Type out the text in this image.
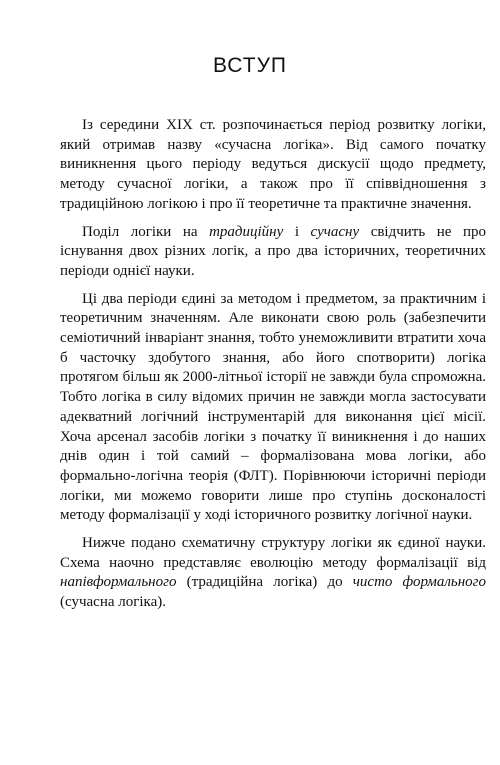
ВСТУП

Із середини XIX ст. розпочинається період розвитку логіки, який отримав назву «сучасна логіка». Від самого початку виникнення цього періоду ведуться дискусії щодо предмету, методу сучасної логіки, а також про її співвідношення з традиційною логікою і про її теоретичне та практичне значення.

Поділ логіки на традиційну і сучасну свідчить не про існування двох різних логік, а про два історичних, теоретичних періоди однієї науки.

Ці два періоди єдині за методом і предметом, за практичним і теоретичним значенням. Але виконати свою роль (забезпечити семіотичний інваріант знання, тобто унеможливити втратити хоча б часточку здобутого знання, або його спотворити) логіка протягом більш як 2000-літньої історії не завжди була спроможна. Тобто логіка в силу відомих причин не завжди могла застосувати адекватний логічний інструментарій для виконання цієї місії. Хоча арсенал засобів логіки з початку її виникнення і до наших днів один і той самий – формалізована мова логіки, або формально-логічна теорія (ФЛТ). Порівнюючи історичні періоди логіки, ми можемо говорити лише про ступінь досконалості методу формалізації у ході історичного розвитку логічної науки.

Нижче подано схематичну структуру логіки як єдиної науки. Схема наочно представляє еволюцію методу формалізації від напівформального (традиційна логіка) до чисто формального (сучасна логіка).
